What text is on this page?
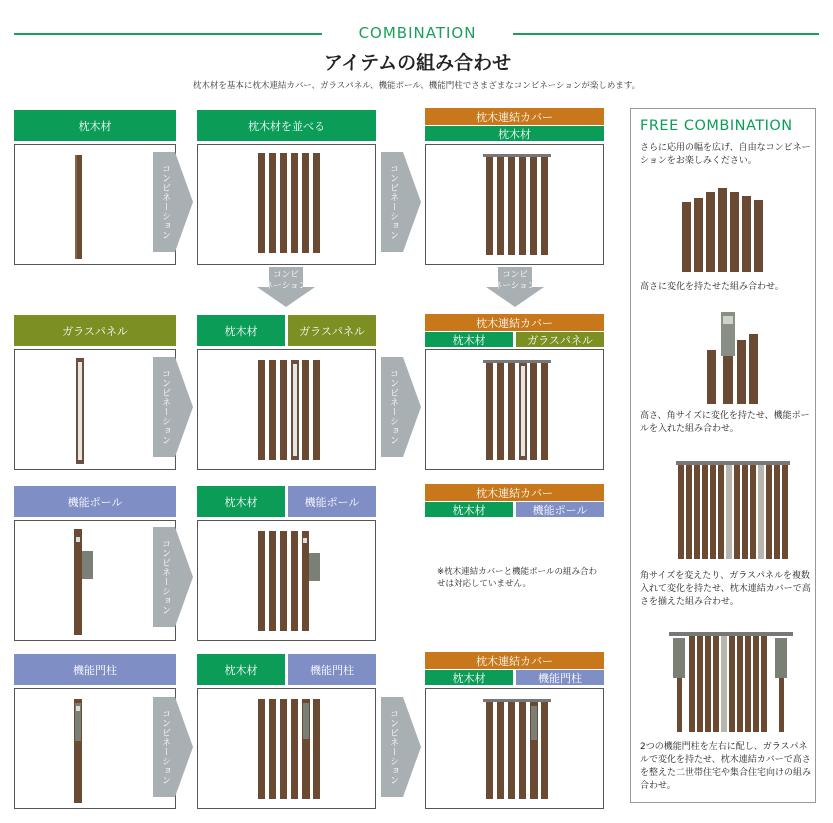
COMBINATION
アイテムの組み合わせ
枕木材を基本に枕木連結カバー、ガラスパネル、機能ポール、機能門柱でさまざまなコンビネーションが楽しめます。
枕木材
コンビネーション
枕木材を並べる
コンビネーション
枕木連結カバー
枕木材
コンビ
ネーション
コンビ
ネーション
ガラスパネル
コンビネーション
枕木材	ガラスパネル
コンビネーション
枕木連結カバー
枕木材	ガラスパネル
機能ポール
コンビネーション
枕木材	機能ポール
枕木連結カバー
枕木材	機能ポール
※枕木連結カバーと機能ポールの組み合わせは対応していません。
機能門柱
コンビネーション
枕木材	機能門柱
コンビネーション
枕木連結カバー
枕木材	機能門柱
FREE COMBINATION
さらに応用の幅を広げ、自由なコンビネーションをお楽しみください。
高さに変化を持たせた組み合わせ。
高さ、角サイズに変化を持たせ、機能ポールを入れた組み合わせ。
角サイズを変えたり、ガラスパネルを複数入れて変化を持たせ、枕木連結カバーで高さを揃えた組み合わせ。
2つの機能門柱を左右に配し、ガラスパネルで変化を持たせ、枕木連結カバーで高さを整えた二世帯住宅や集合住宅向けの組み合わせ。
